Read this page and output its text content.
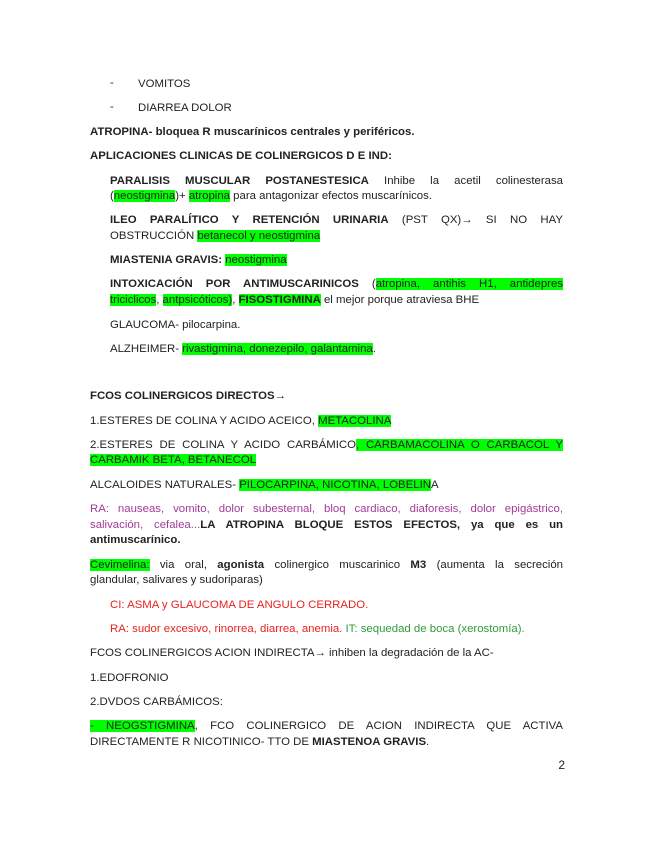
- VOMITOS
- DIARREA DOLOR
ATROPINA- bloquea R muscarínicos centrales y periféricos.
APLICACIONES CLINICAS DE COLINERGICOS D E IND:
PARALISIS MUSCULAR POSTANESTESICA Inhibe la acetil colinesterasa
(neostigmina)+ atropina para antagonizar efectos muscarínicos.
ILEO PARALÍTICO Y RETENCIÓN URINARIA (PST QX)→ SI NO HAY
OBSTRUCCIÓN betanecol y neostigmina
MIASTENIA GRAVIS: neostigmina
INTOXICACIÓN POR ANTIMUSCARINICOS (atropina, antihis H1, antidepres
triciclicos, antpsicóticos), FISOSTIGMINA el mejor porque atraviesa BHE
GLAUCOMA- pilocarpina.
ALZHEIMER- rivastigmina, donezepilo, galantamina.
FCOS COLINERGICOS DIRECTOS→
1.ESTERES DE COLINA Y ACIDO ACEICO, METACOLINA
2.ESTERES DE COLINA Y ACIDO CARBÁMICO, CARBAMACOLINA O CARBACOL Y
CARBAMIK BETA, BETANECOL
ALCALOIDES NATURALES- PILOCARPINA, NICOTINA, LOBELINA
RA: nauseas, vomito, dolor subesternal, bloq cardiaco, diaforesis, dolor epigástrico,
salivación, cefalea...LA ATROPINA BLOQUE ESTOS EFECTOS, ya que es un
antimuscarínico.
Cevimelina: via oral, agonista colinergico muscarinico M3 (aumenta la secreción
glandular, salivares y sudoriparas)
CI: ASMA y GLAUCOMA DE ANGULO CERRADO.
RA: sudor excesivo, rinorrea, diarrea, anemia. IT: sequedad de boca (xerostomía).
FCOS COLINERGICOS ACION INDIRECTA→ inhiben la degradación de la AC-
1.EDOFRONIO
2.DVDOS CARBÁMICOS:
- NEOGSTIGMINA, FCO COLINERGICO DE ACION INDIRECTA QUE ACTIVA
DIRECTAMENTE R NICOTINICO- TTO DE MIASTENOA GRAVIS.
2
